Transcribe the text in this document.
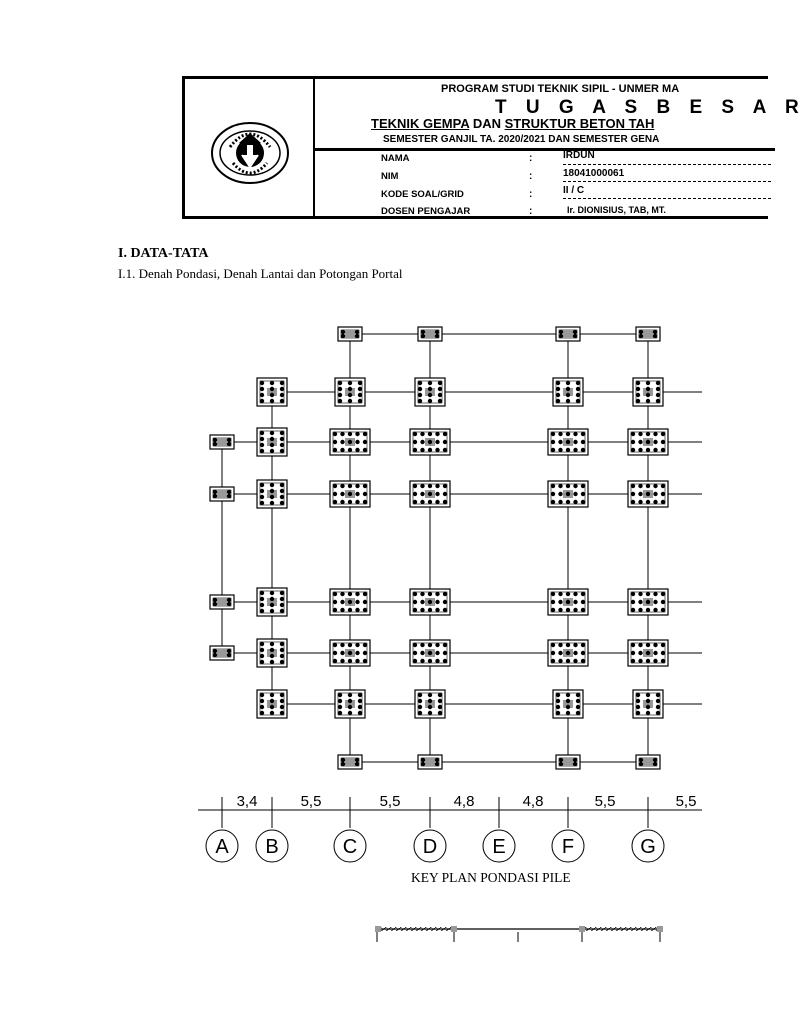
PROGRAM STUDI TEKNIK SIPIL - UNMER MA
T U G A S B E S A R
TEKNIK GEMPA DAN STRUKTUR BETON TAH
SEMESTER GANJIL TA. 2020/2021 DAN SEMESTER GENA
NAMA	:	IRDUN
NIM	:	18041000061
KODE SOAL/GRID	:	II / C
DOSEN PENGAJAR	:	Ir. DIONISIUS, TAB, MT.
I. DATA-TATA
I.1. Denah Pondasi, Denah Lantai dan Potongan Portal
3,4	5,5	5,5	4,8	4,8	5,5	5,5
A B	C	D	E	F	G
KEY PLAN PONDASI PILE
